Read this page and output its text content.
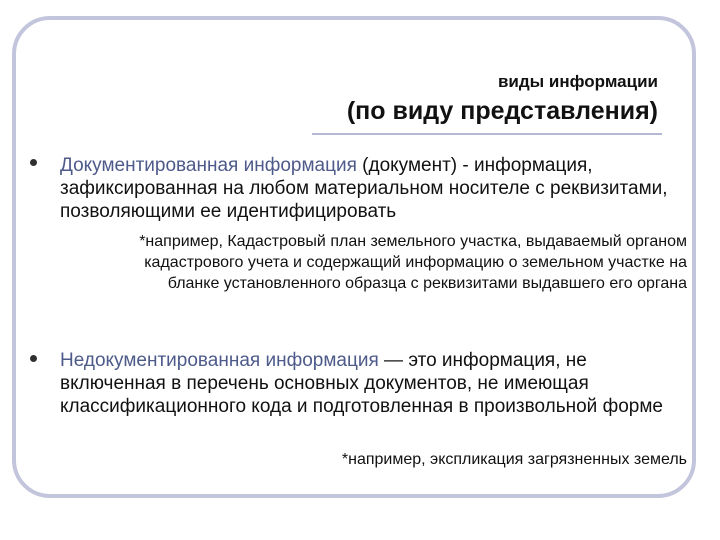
виды информации
(по виду представления)
Документированная информация (документ) - информация, зафиксированная на любом материальном носителе с реквизитами, позволяющими ее идентифицировать
*например, Кадастровый план земельного участка, выдаваемый органом кадастрового учета и содержащий информацию о земельном участке на бланке установленного образца с реквизитами выдавшего его органа
Недокументированная информация — это информация, не включенная в перечень основных документов, не имеющая классификационного кода и подготовленная в произвольной форме
*например, экспликация загрязненных земель
